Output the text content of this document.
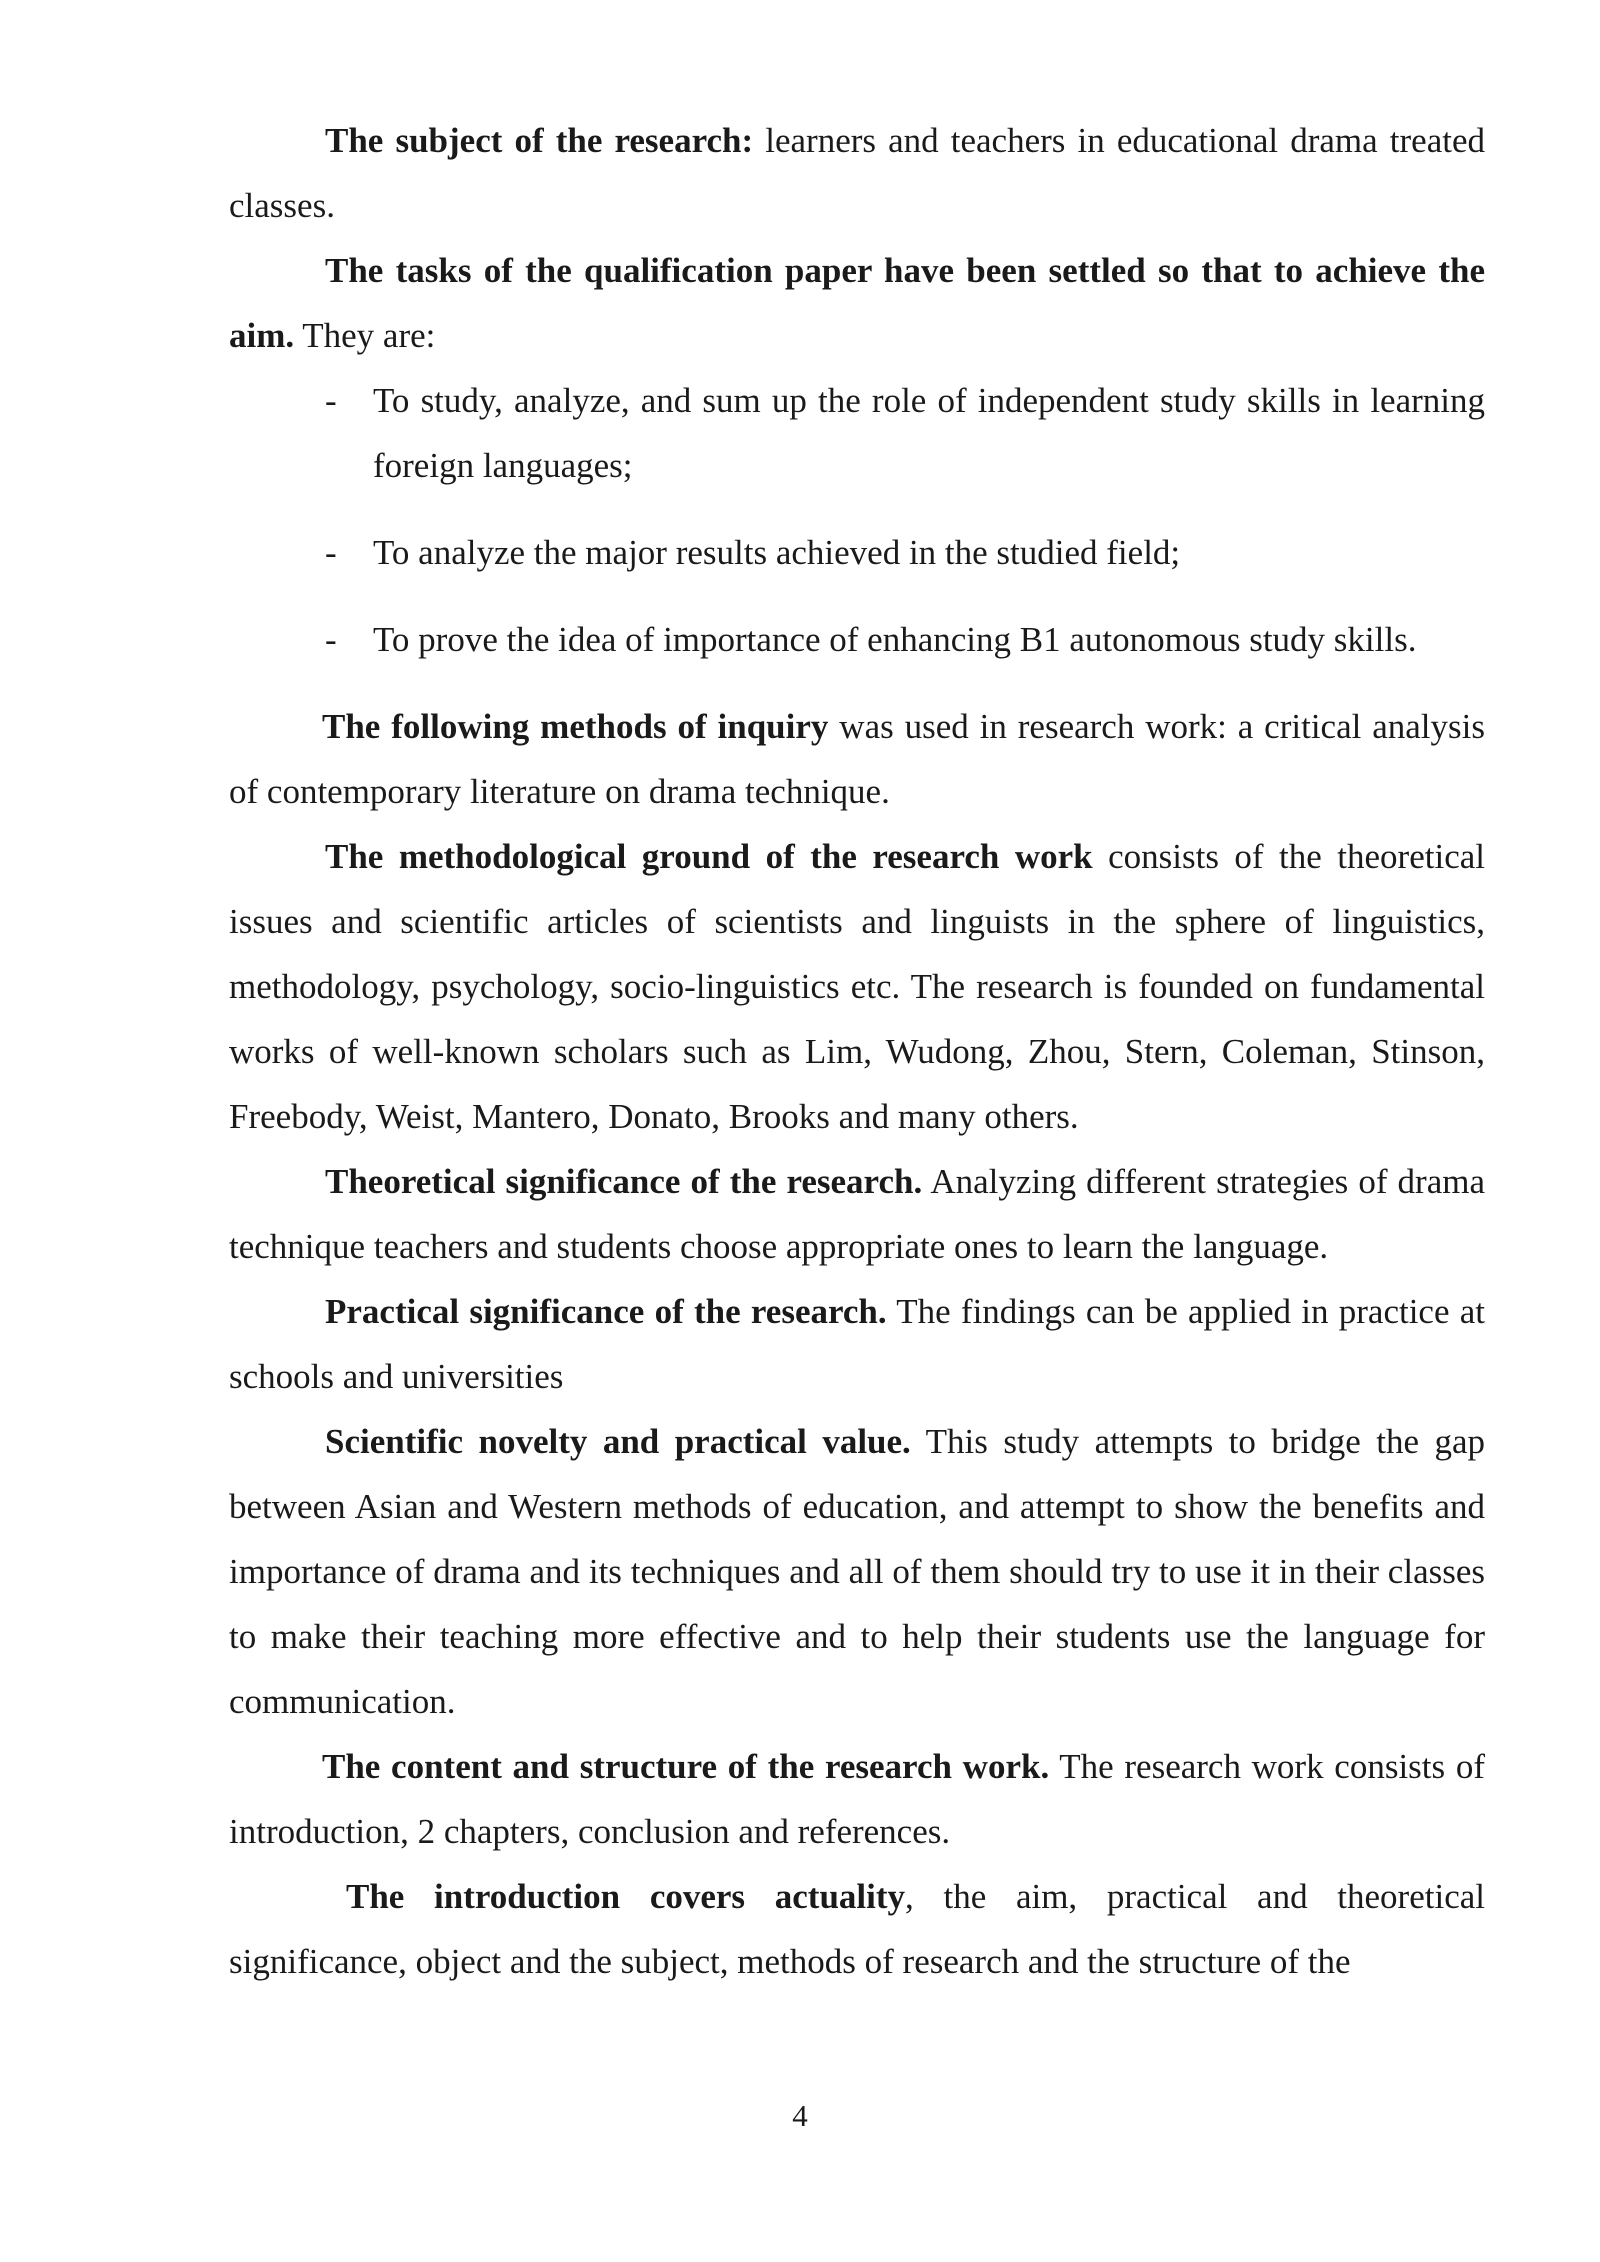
The subject of the research: learners and teachers in educational drama treated classes.

The tasks of the qualification paper have been settled so that to achieve the aim. They are:

- To study, analyze, and sum up the role of independent study skills in learning foreign languages;
- To analyze the major results achieved in the studied field;
- To prove the idea of importance of enhancing B1 autonomous study skills.

The following methods of inquiry was used in research work: a critical analysis of contemporary literature on drama technique.

The methodological ground of the research work consists of the theoretical issues and scientific articles of scientists and linguists in the sphere of linguistics, methodology, psychology, socio-linguistics etc. The research is founded on fundamental works of well-known scholars such as Lim, Wudong, Zhou, Stern, Coleman, Stinson, Freebody, Weist, Mantero, Donato, Brooks and many others.

Theoretical significance of the research. Analyzing different strategies of drama technique teachers and students choose appropriate ones to learn the language.

Practical significance of the research. The findings can be applied in practice at schools and universities

Scientific novelty and practical value. This study attempts to bridge the gap between Asian and Western methods of education, and attempt to show the benefits and importance of drama and its techniques and all of them should try to use it in their classes to make their teaching more effective and to help their students use the language for communication.

The content and structure of the research work. The research work consists of introduction, 2 chapters, conclusion and references.

The introduction covers actuality, the aim, practical and theoretical significance, object and the subject, methods of research and the structure of the

4
